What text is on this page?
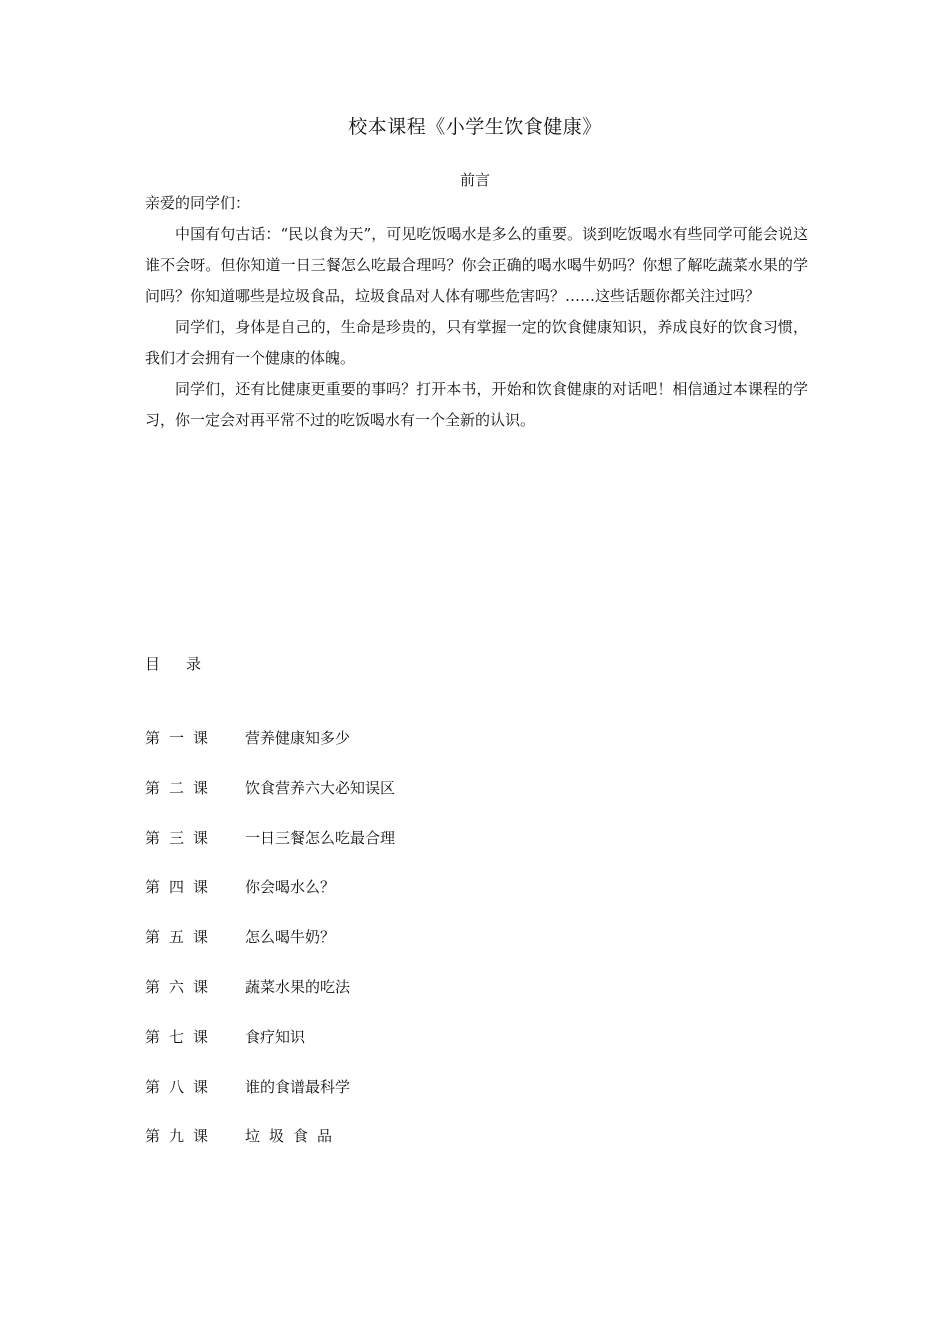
校本课程《小学生饮食健康》
前言

亲爱的同学们：

中国有句古话：“民以食为天”，可见吃饭喝水是多么的重要。谈到吃饭喝水有些同学可能会说这谁不会呀。但你知道一日三餐怎么吃最合理吗？你会正确的喝水喝牛奶吗？你想了解吃蔬菜水果的学问吗？你知道哪些是垃圾食品，垃圾食品对人体有哪些危害吗？……这些话题你都关注过吗？

同学们，身体是自己的，生命是珍贵的，只有掌握一定的饮食健康知识，养成良好的饮食习惯，我们才会拥有一个健康的体魄。

同学们，还有比健康更重要的事吗？打开本书，开始和饮食健康的对话吧！相信通过本课程的学习，你一定会对再平常不过的吃饭喝水有一个全新的认识。

目 录
第一课 营养健康知多少
第二课 饮食营养六大必知误区
第三课 一日三餐怎么吃最合理
第四课 你会喝水么？
第五课 怎么喝牛奶？
第六课 蔬菜水果的吃法
第七课 食疗知识
第八课 谁的食谱最科学
第九课 垃圾食品
